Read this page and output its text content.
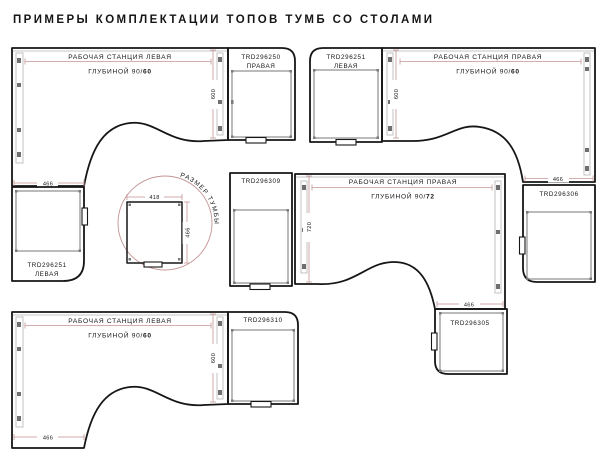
ПРИМЕРЫ КОМПЛЕКТАЦИИ ТОПОВ ТУМБ СО СТОЛАМИ
600
466
РАБОЧАЯ СТАНЦИЯ ЛЕВАЯ
ГЛУБИНОЙ 90/60
TRD296250
ПРАВАЯ
TRD296251
ЛЕВАЯ
600
466
РАБОЧАЯ СТАНЦИЯ ПРАВАЯ
ГЛУБИНОЙ 90/60
TRD296251
ЛЕВАЯ
TRD296306
720
466
РАБОЧАЯ СТАНЦИЯ ПРАВАЯ
ГЛУБИНОЙ 90/72
TRD296309
TRD296305
600
466
РАБОЧАЯ СТАНЦИЯ ЛЕВАЯ
ГЛУБИНОЙ 90/60
TRD296310
418
466
РАЗМЕР ТУМБЫ
